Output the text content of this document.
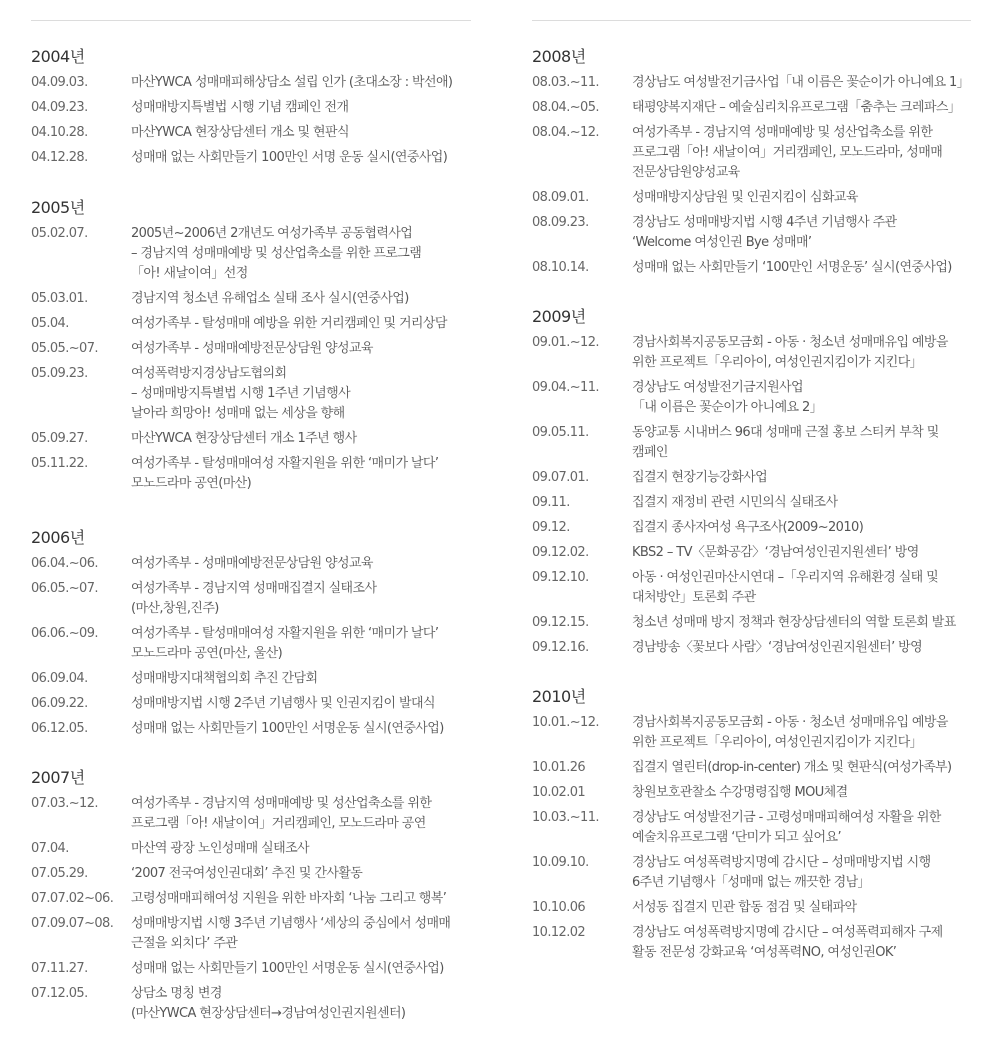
2004년
04.09.03.	마산YWCA 성매매피해상담소 설립 인가 (초대소장 : 박선애)
04.09.23.	성매매방지특별법 시행 기념 캠페인 전개
04.10.28.	마산YWCA 현장상담센터 개소 및 현판식
04.12.28.	성매매 없는 사회만들기 100만인 서명 운동 실시(연중사업)
2005년
05.02.07.	2005년~2006년 2개년도 여성가족부 공동협력사업
– 경남지역 성매매예방 및 성산업축소를 위한 프로그램
「아! 새날이여」선정
05.03.01.	경남지역 청소년 유해업소 실태 조사 실시(연중사업)
05.04.	여성가족부 - 탈성매매 예방을 위한 거리캠페인 및 거리상담
05.05.~07.	여성가족부 - 성매매예방전문상담원 양성교육
05.09.23.	여성폭력방지경상남도협의회
– 성매매방지특별법 시행 1주년 기념행사
날아라 희망아! 성매매 없는 세상을 향해
05.09.27.	마산YWCA 현장상담센터 개소 1주년 행사
05.11.22.	여성가족부 - 탈성매매여성 자활지원을 위한 ‘매미가 날다’
모노드라마 공연(마산)
2006년
06.04.~06.	여성가족부 - 성매매예방전문상담원 양성교육
06.05.~07.	여성가족부 - 경남지역 성매매집결지 실태조사
(마산,창원,진주)
06.06.~09.	여성가족부 - 탈성매매여성 자활지원을 위한 ‘매미가 날다’
모노드라마 공연(마산, 울산)
06.09.04.	성매매방지대책협의회 추진 간담회
06.09.22.	성매매방지법 시행 2주년 기념행사 및 인권지킴이 발대식
06.12.05.	성매매 없는 사회만들기 100만인 서명운동 실시(연중사업)
2007년
07.03.~12.	여성가족부 - 경남지역 성매매예방 및 성산업축소를 위한
프로그램「아! 새날이여」거리캠페인, 모노드라마 공연
07.04.	마산역 광장 노인성매매 실태조사
07.05.29.	‘2007 전국여성인권대회’ 추진 및 간사활동
07.07.02~06.	고령성매매피해여성 지원을 위한 바자회 ‘나눔 그리고 행복’
07.09.07~08.	성매매방지법 시행 3주년 기념행사 ‘세상의 중심에서 성매매
근절을 외치다’ 주관
07.11.27.	성매매 없는 사회만들기 100만인 서명운동 실시(연중사업)
07.12.05.	상담소 명칭 변경
(마산YWCA 현장상담센터→경남여성인권지원센터)
2008년
08.03.~11.	경상남도 여성발전기금사업「내 이름은 꽃순이가 아니예요 1」
08.04.~05.	태평양복지재단 – 예술심리치유프로그램「춤추는 크레파스」
08.04.~12.	여성가족부 - 경남지역 성매매예방 및 성산업축소를 위한
프로그램「아! 새날이여」거리캠페인, 모노드라마, 성매매
전문상담원양성교육
08.09.01.	성매매방지상담원 및 인권지킴이 심화교육
08.09.23.	경상남도 성매매방지법 시행 4주년 기념행사 주관
‘Welcome 여성인권 Bye 성매매’
08.10.14.	성매매 없는 사회만들기 ‘100만인 서명운동’ 실시(연중사업)
2009년
09.01.~12.	경남사회복지공동모금회 - 아동 · 청소년 성매매유입 예방을
위한 프로젝트「우리아이, 여성인권지킴이가 지킨다」
09.04.~11.	경상남도 여성발전기금지원사업
「내 이름은 꽃순이가 아니예요 2」
09.05.11.	동양교통 시내버스 96대 성매매 근절 홍보 스티커 부착 및
캠페인
09.07.01.	집결지 현장기능강화사업
09.11.	집결지 재정비 관련 시민의식 실태조사
09.12.	집결지 종사자여성 욕구조사(2009~2010)
09.12.02.	KBS2 – TV〈문화공감〉‘경남여성인권지원센터’ 방영
09.12.10.	아동 · 여성인권마산시연대 –「우리지역 유해환경 실태 및
대처방안」토론회 주관
09.12.15.	청소년 성매매 방지 정책과 현장상담센터의 역할 토론회 발표
09.12.16.	경남방송〈꽃보다 사람〉‘경남여성인권지원센터’ 방영
2010년
10.01.~12.	경남사회복지공동모금회 - 아동 · 청소년 성매매유입 예방을
위한 프로젝트「우리아이, 여성인권지킴이가 지킨다」
10.01.26	집결지 열린터(drop-in-center) 개소 및 현판식(여성가족부)
10.02.01	창원보호관찰소 수강명령집행 MOU체결
10.03.~11.	경상남도 여성발전기금 - 고령성매매피해여성 자활을 위한
예술치유프로그램 ‘단미가 되고 싶어요’
10.09.10.	경상남도 여성폭력방지명예 감시단 – 성매매방지법 시행
6주년 기념행사「성매매 없는 깨끗한 경남」
10.10.06	서성동 집결지 민관 합동 점검 및 실태파악
10.12.02	경상남도 여성폭력방지명예 감시단 – 여성폭력피해자 구제
활동 전문성 강화교육 ‘여성폭력NO, 여성인권OK’
